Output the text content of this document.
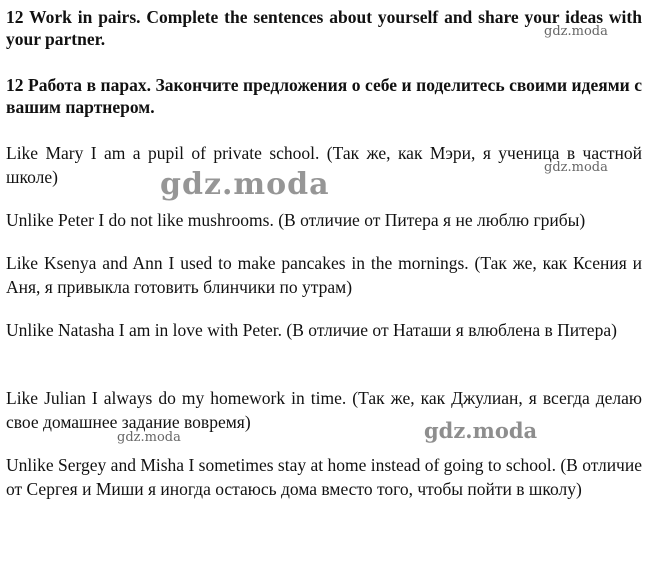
12 Work in pairs. Complete the sentences about yourself and share your ideas with your partner.

12 Работа в парах. Закончите предложения о себе и поделитесь своими идеями с вашим партнером.

Like Mary I am a pupil of private school. (Так же, как Мэри, я ученица в частной школе)

Unlike Peter I do not like mushrooms. (В отличие от Питера я не люблю грибы)

Like Ksenya and Ann I used to make pancakes in the mornings. (Так же, как Ксения и Аня, я привыкла готовить блинчики по утрам)

Unlike Natasha I am in love with Peter. (В отличие от Наташи я влюблена в Питера)

Like Julian I always do my homework in time. (Так же, как Джулиан, я всегда делаю свое домашнее задание вовремя)

Unlike Sergey and Misha I sometimes stay at home instead of going to school. (В отличие от Сергея и Миши я иногда остаюсь дома вместо того, чтобы пойти в школу)

gdz.moda
gdz.moda
gdz.moda
gdz.moda	gdz.moda
